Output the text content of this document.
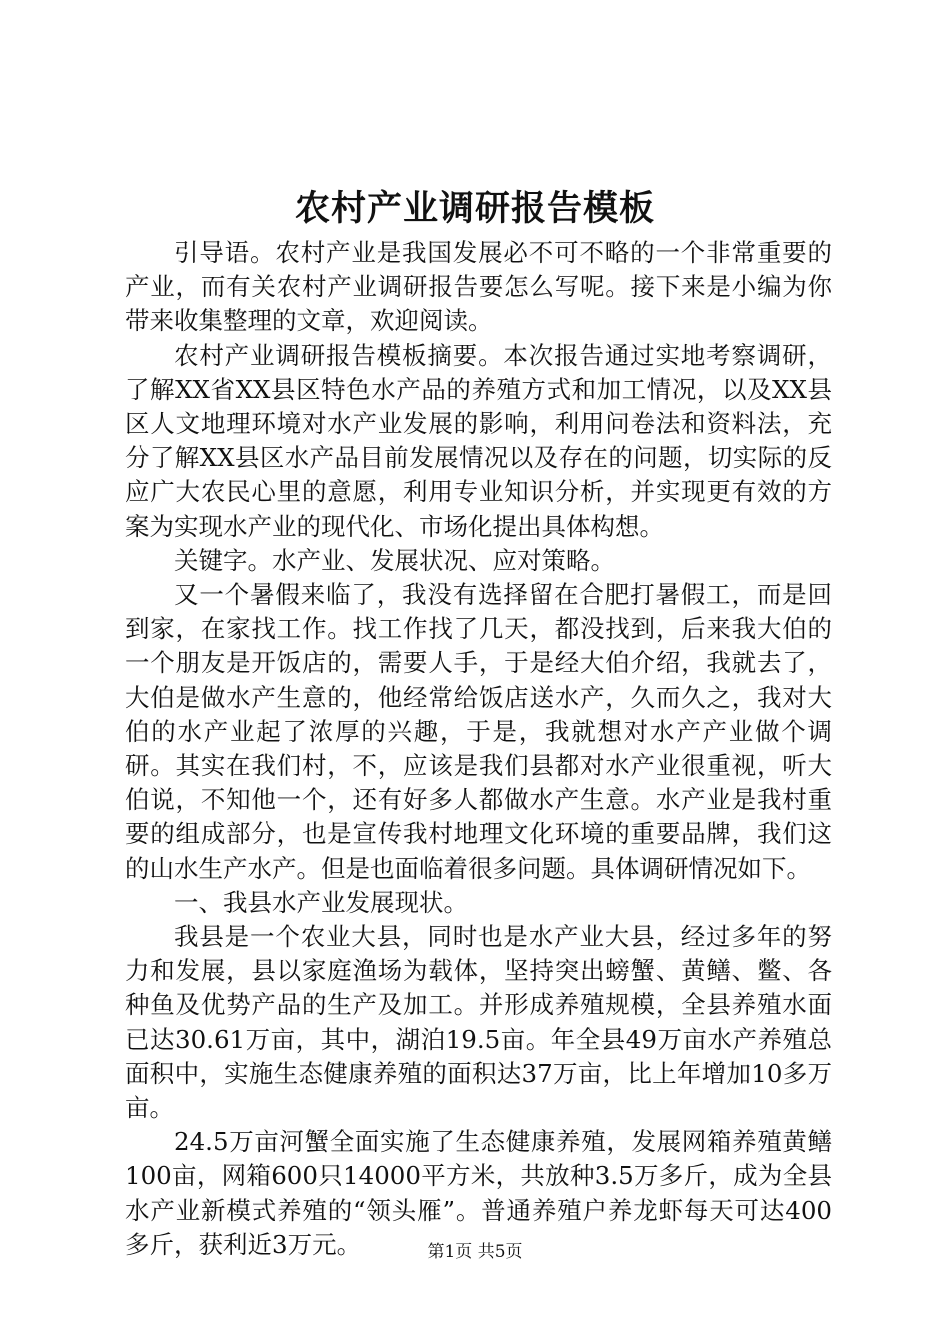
农村产业调研报告模板

引导语。农村产业是我国发展必不可不略的一个非常重要的产业，而有关农村产业调研报告要怎么写呢。接下来是小编为你带来收集整理的文章，欢迎阅读。

农村产业调研报告模板摘要。本次报告通过实地考察调研，了解XX省XX县区特色水产品的养殖方式和加工情况，以及XX县区人文地理环境对水产业发展的影响，利用问卷法和资料法，充分了解XX县区水产品目前发展情况以及存在的问题，切实际的反应广大农民心里的意愿，利用专业知识分析，并实现更有效的方案为实现水产业的现代化、市场化提出具体构想。

关键字。水产业、发展状况、应对策略。

又一个暑假来临了，我没有选择留在合肥打暑假工，而是回到家，在家找工作。找工作找了几天，都没找到，后来我大伯的一个朋友是开饭店的，需要人手，于是经大伯介绍，我就去了，大伯是做水产生意的，他经常给饭店送水产，久而久之，我对大伯的水产业起了浓厚的兴趣，于是，我就想对水产产业做个调研。其实在我们村，不，应该是我们县都对水产业很重视，听大伯说，不知他一个，还有好多人都做水产生意。水产业是我村重要的组成部分，也是宣传我村地理文化环境的重要品牌，我们这的山水生产水产。但是也面临着很多问题。具体调研情况如下。

一、我县水产业发展现状。

我县是一个农业大县，同时也是水产业大县，经过多年的努力和发展，县以家庭渔场为载体，坚持突出螃蟹、黄鳝、鳖、各种鱼及优势产品的生产及加工。并形成养殖规模，全县养殖水面已达30.61万亩，其中，湖泊19.5亩。年全县49万亩水产养殖总面积中，实施生态健康养殖的面积达37万亩，比上年增加10多万亩。

24.5万亩河蟹全面实施了生态健康养殖，发展网箱养殖黄鳝100亩，网箱600只14000平方米，共放种3.5万多斤，成为全县水产业新模式养殖的“领头雁”。普通养殖户养龙虾每天可达400多斤，获利近3万元。	第1页 共5页
